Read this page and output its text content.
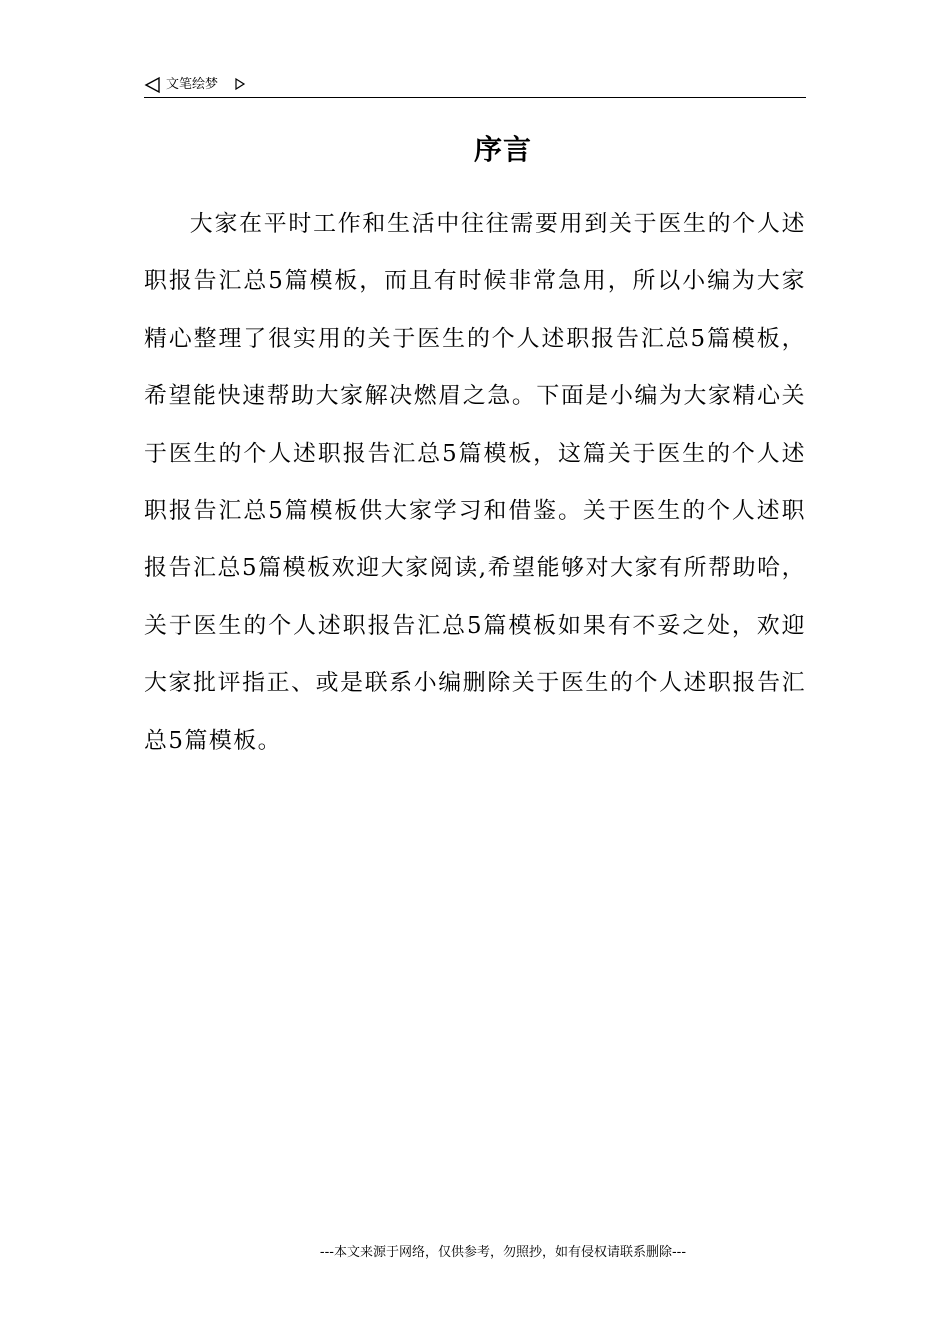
文笔绘梦
序言

大家在平时工作和生活中往往需要用到关于医生的个人述职报告汇总5篇模板，而且有时候非常急用，所以小编为大家精心整理了很实用的关于医生的个人述职报告汇总5篇模板，希望能快速帮助大家解决燃眉之急。下面是小编为大家精心关于医生的个人述职报告汇总5篇模板，这篇关于医生的个人述职报告汇总5篇模板供大家学习和借鉴。关于医生的个人述职报告汇总5篇模板欢迎大家阅读,希望能够对大家有所帮助哈，关于医生的个人述职报告汇总5篇模板如果有不妥之处，欢迎大家批评指正、或是联系小编删除关于医生的个人述职报告汇总5篇模板。

---本文来源于网络，仅供参考，勿照抄，如有侵权请联系删除---
